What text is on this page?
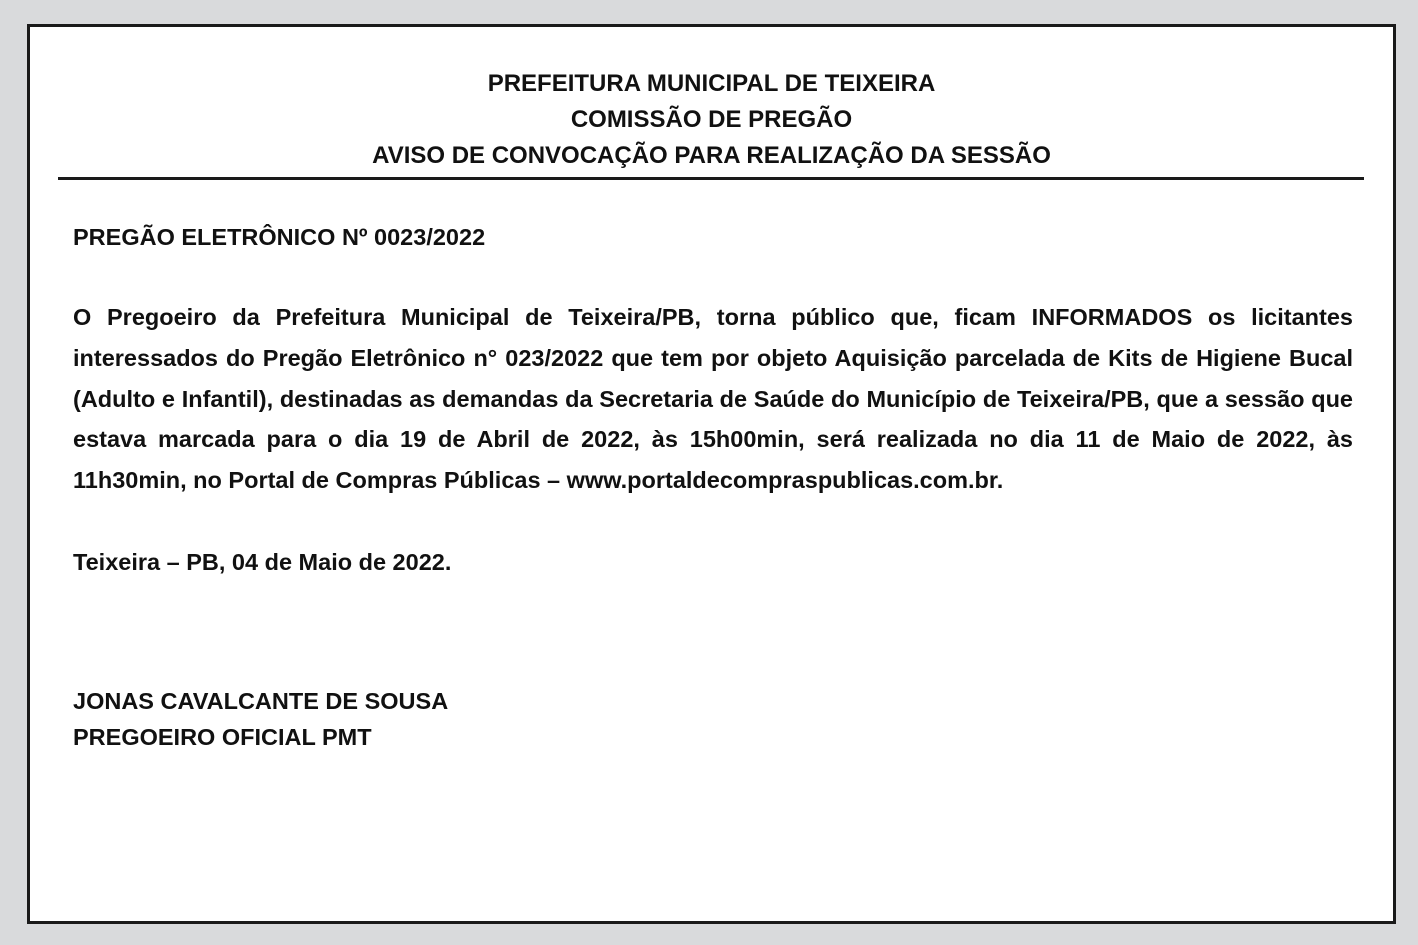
PREFEITURA MUNICIPAL DE TEIXEIRA
COMISSÃO DE PREGÃO
AVISO DE CONVOCAÇÃO PARA REALIZAÇÃO DA SESSÃO
PREGÃO ELETRÔNICO Nº 0023/2022

O Pregoeiro da Prefeitura Municipal de Teixeira/PB, torna público que, ficam INFORMADOS os licitantes interessados do Pregão Eletrônico n° 023/2022 que tem por objeto Aquisição parcelada de Kits de Higiene Bucal (Adulto e Infantil), destinadas as demandas da Secretaria de Saúde do Município de Teixeira/PB, que a sessão que estava marcada para o dia 19 de Abril de 2022, às 15h00min, será realizada no dia 11 de Maio de 2022, às 11h30min, no Portal de Compras Públicas – www.portaldecompraspublicas.com.br.

Teixeira – PB, 04 de Maio de 2022.
JONAS CAVALCANTE DE SOUSA
PREGOEIRO OFICIAL PMT
